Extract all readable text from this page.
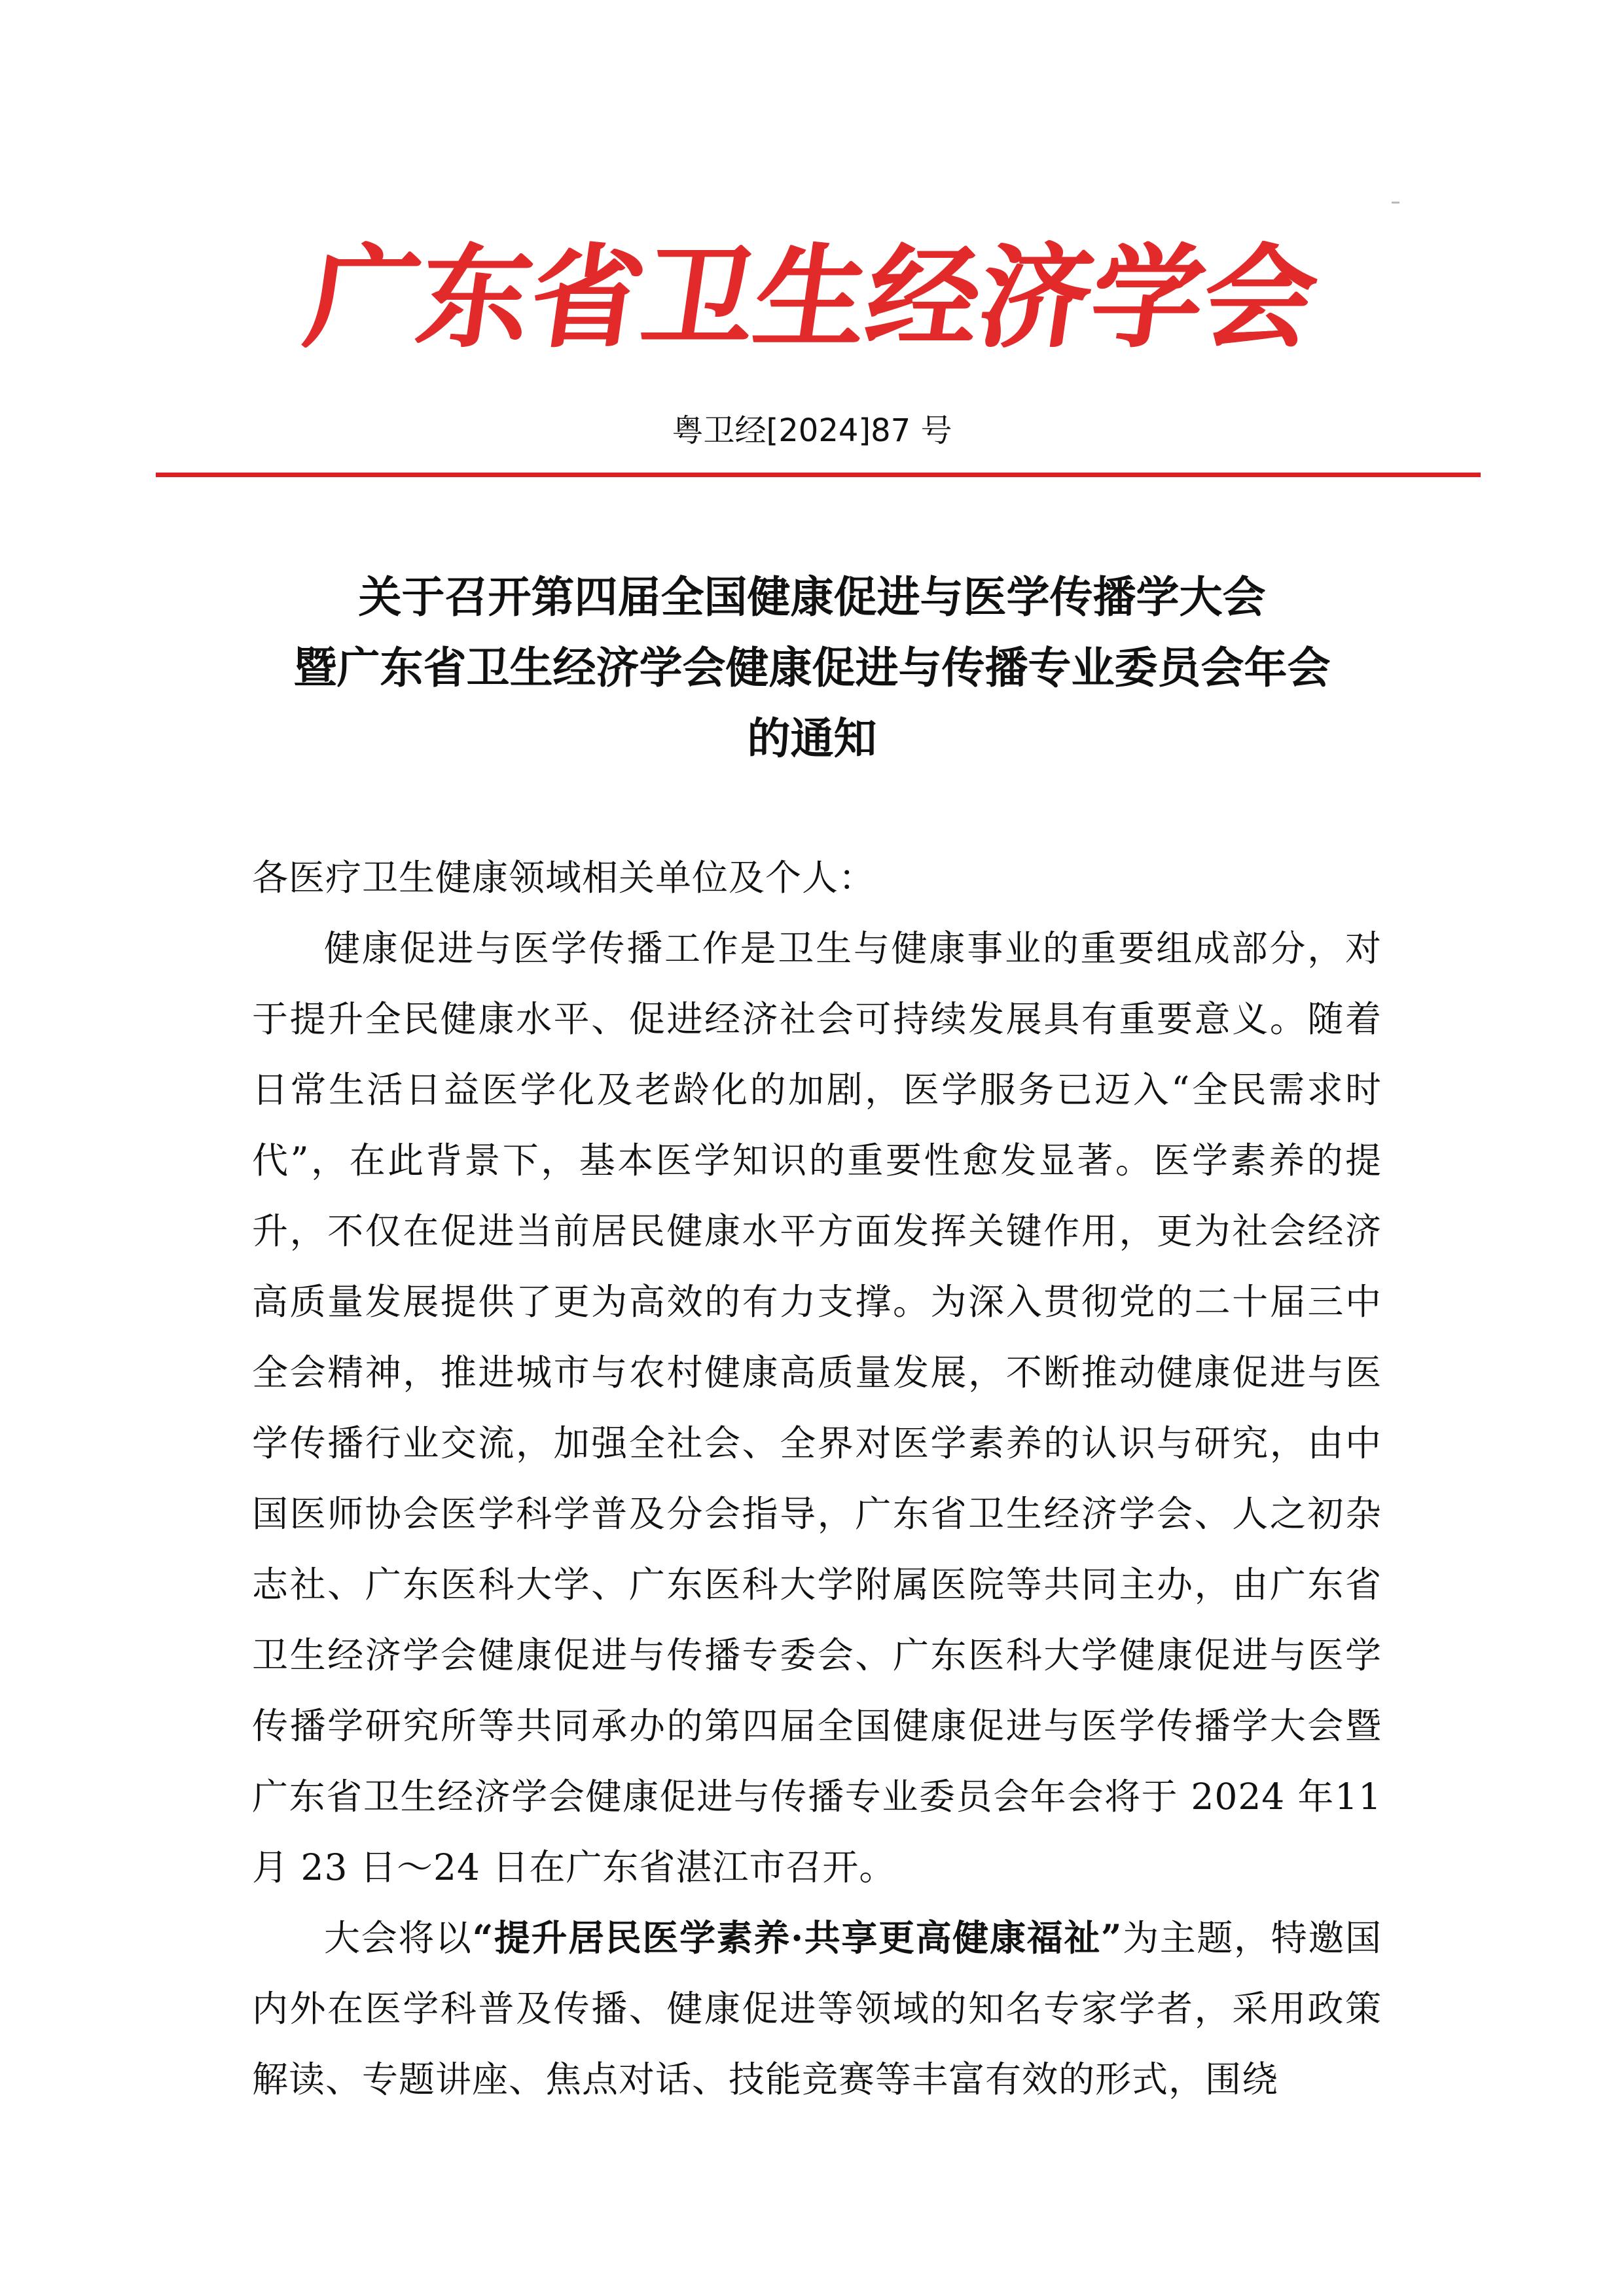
广
东
省
卫
生
经
济
学
会
粤卫经[2024]87 号
关于召开第四届全国健康促进与医学传播学大会
暨广东省卫生经济学会健康促进与传播专业委员会年会
的通知

各医疗卫生健康领域相关单位及个人：

健康促进与医学传播工作是卫生与健康事业的重要组成部分，对于提升全民健康水平、促进经济社会可持续发展具有重要意义。随着日常生活日益医学化及老龄化的加剧，医学服务已迈入“全民需求时代”，在此背景下，基本医学知识的重要性愈发显著。医学素养的提升，不仅在促进当前居民健康水平方面发挥关键作用，更为社会经济高质量发展提供了更为高效的有力支撑。为深入贯彻党的二十届三中全会精神，推进城市与农村健康高质量发展，不断推动健康促进与医学传播行业交流，加强全社会、全界对医学素养的认识与研究，由中国医师协会医学科学普及分会指导，广东省卫生经济学会、人之初杂志社、广东医科大学、广东医科大学附属医院等共同主办，由广东省卫生经济学会健康促进与传播专委会、广东医科大学健康促进与医学传播学研究所等共同承办的第四届全国健康促进与医学传播学大会暨广东省卫生经济学会健康促进与传播专业委员会年会将于 2024 年11 月 23 日～24 日在广东省湛江市召开。

大会将以“提升居民医学素养·共享更高健康福祉”为主题，特邀国内外在医学科普及传播、健康促进等领域的知名专家学者，采用政策解读、专题讲座、焦点对话、技能竞赛等丰富有效的形式，围绕
